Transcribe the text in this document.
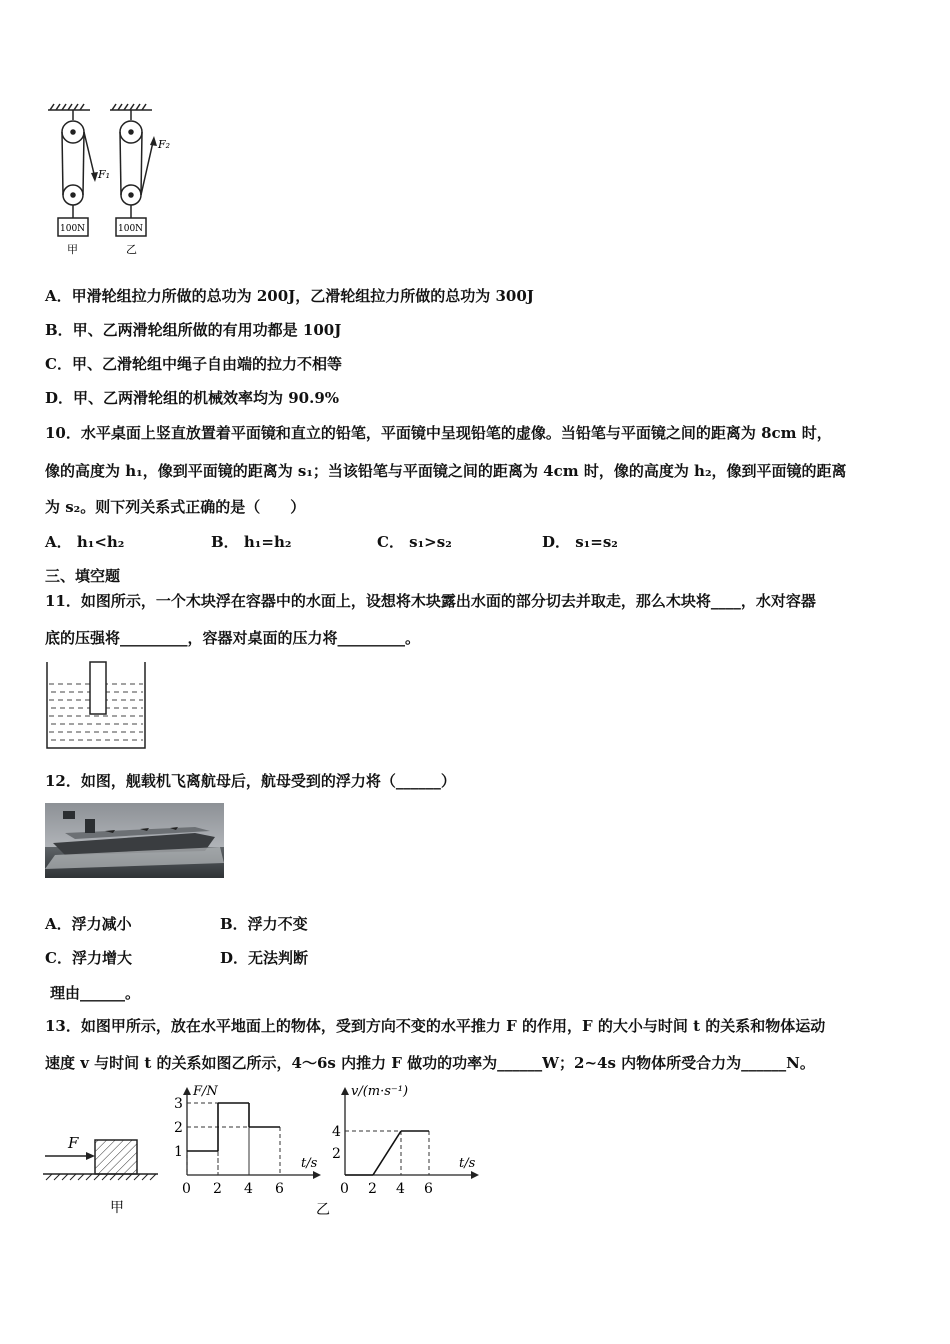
F₁
100N
甲
F₂
100N
乙
A．甲滑轮组拉力所做的总功为 200J，乙滑轮组拉力所做的总功为 300J
B．甲、乙两滑轮组所做的有用功都是 100J
C．甲、乙滑轮组中绳子自由端的拉力不相等
D．甲、乙两滑轮组的机械效率均为 90.9%
10．水平桌面上竖直放置着平面镜和直立的铅笔，平面镜中呈现铅笔的虚像。当铅笔与平面镜之间的距离为 8cm 时，
像的高度为 h₁，像到平面镜的距离为 s₁；当该铅笔与平面镜之间的距离为 4cm 时，像的高度为 h₂，像到平面镜的距离
为 s₂。则下列关系式正确的是（　　）
A． h₁<h₂	B． h₁=h₂	C． s₁>s₂	D． s₁=s₂
三、填空题
11．如图所示，一个木块浮在容器中的水面上，设想将木块露出水面的部分切去并取走，那么木块将____，水对容器
底的压强将_________，容器对桌面的压力将_________。
12．如图，舰载机飞离航母后，航母受到的浮力将（______）
A．浮力减小	B．浮力不变
C．浮力增大	D．无法判断
理由______。
13．如图甲所示，放在水平地面上的物体，受到方向不变的水平推力 F 的作用，F 的大小与时间 t 的关系和物体运动
速度 v 与时间 t 的关系如图乙所示，4～6s 内推力 F 做功的功率为______W；2~4s 内物体所受合力为______N。
F
甲
F/N
t/s
0 2 4 6
1
2
3
v/(m·s⁻¹)
t/s
0 2 4 6
2
4
乙
